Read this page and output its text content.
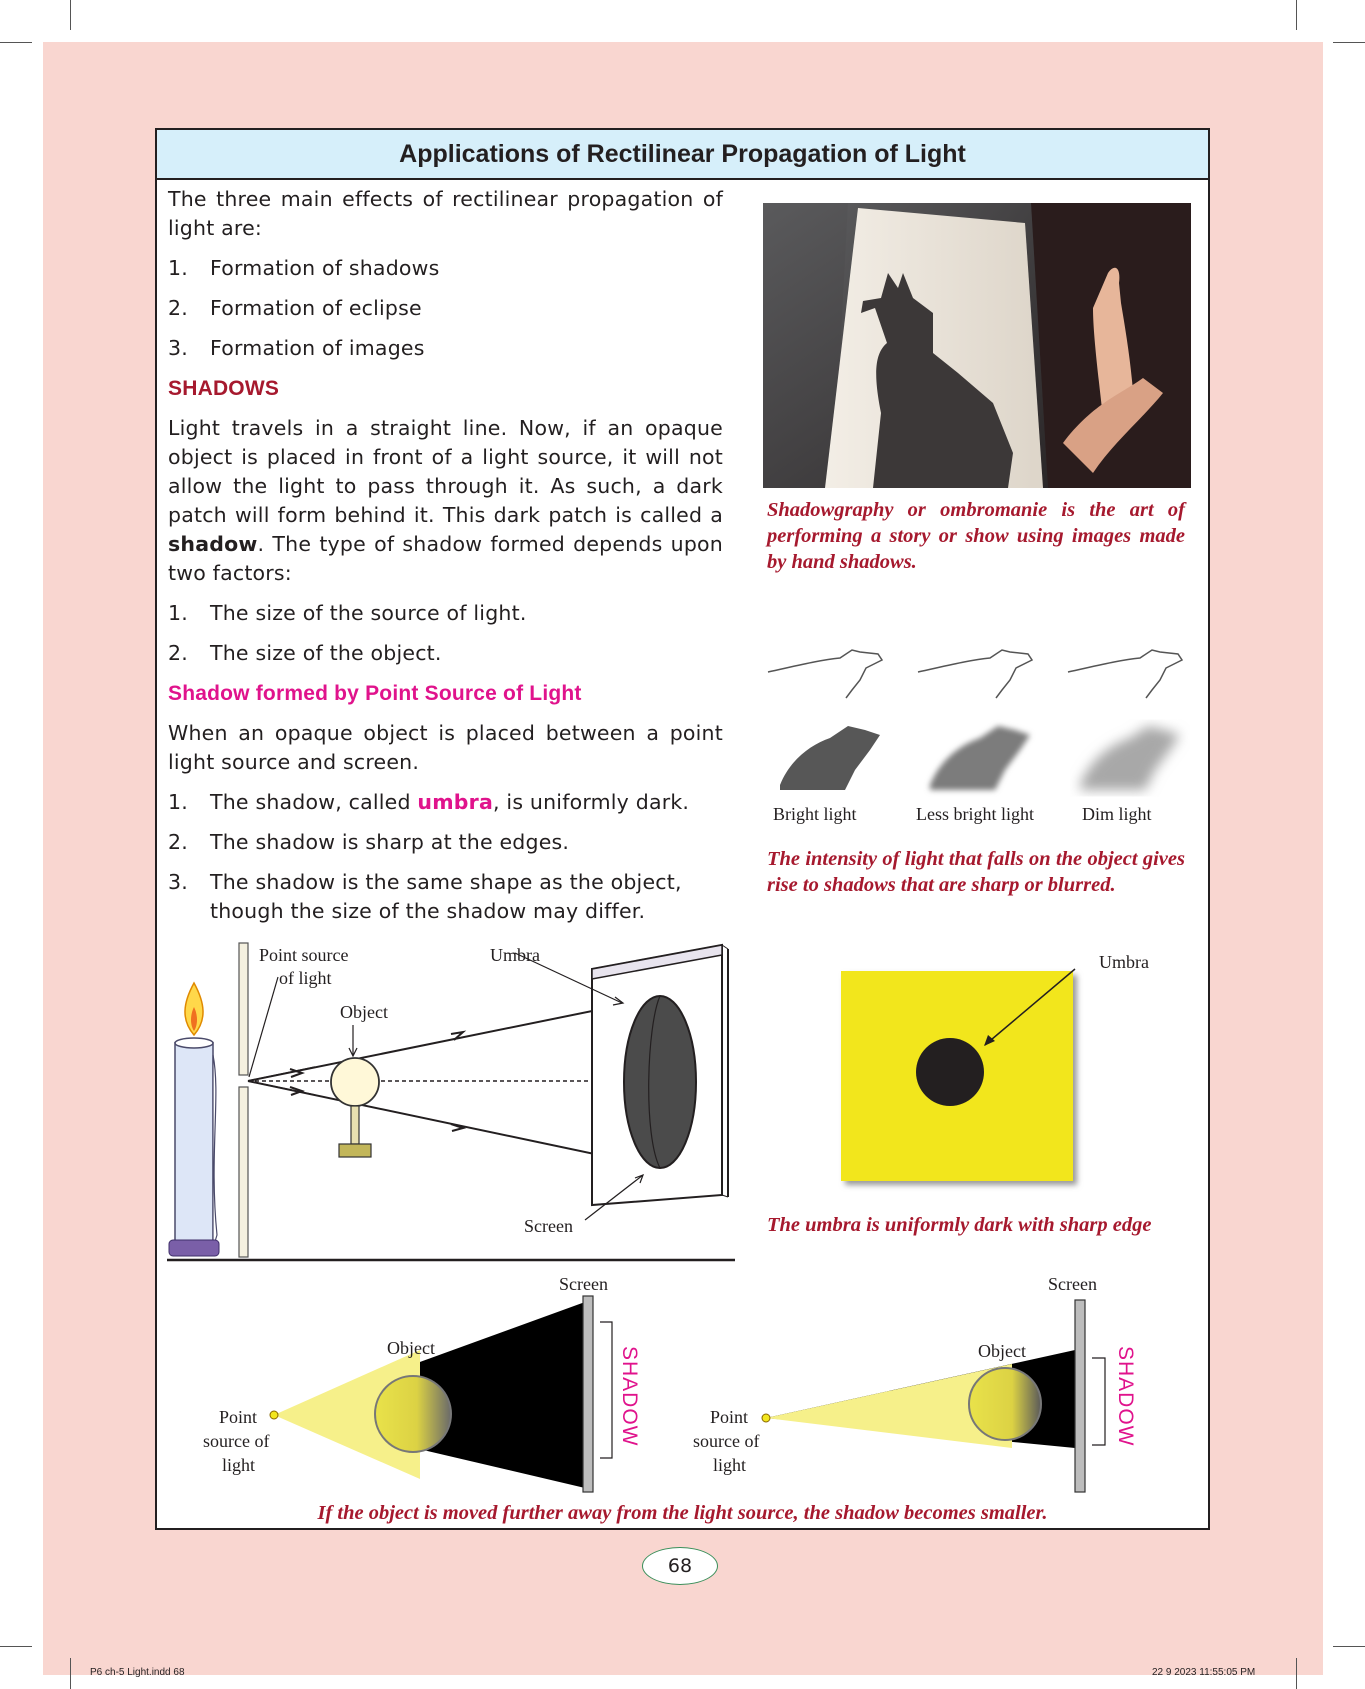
Applications of Rectilinear Propagation of Light

The three main effects of rectilinear propagation of light are:

1.	Formation of shadows
2.	Formation of eclipse
3.	Formation of images
SHADOWS

Light travels in a straight line. Now, if an opaque object is placed in front of a light source, it will not allow the light to pass through it. As such, a dark patch will form behind it. This dark patch is called a shadow. The type of shadow formed depends upon two factors:

1.	The size of the source of light.
2.	The size of the object.
Shadow formed by Point Source of Light

When an opaque object is placed between a point light source and screen.

1.	The shadow, called umbra, is uniformly dark.
2.	The shadow is sharp at the edges.
3.	The shadow is the same shape as the object, though the size of the shadow may differ.
Shadowgraphy or ombromanie is the art of performing a story or show using images made by hand shadows.
Bright light	Less bright light	Dim light
The intensity of light that falls on the object gives rise to shadows that are sharp or blurred.
Point source
of light
Umbra
Object
Screen
Umbra
The umbra is uniformly dark with sharp edge
Screen
Object
Point
source of
light
SHADOW
Screen
Object
Point
source of
light
SHADOW
If the object is moved further away from the light source, the shadow becomes smaller.
68
P6 ch-5 Light.indd 68	22 9 2023 11:55:05 PM
